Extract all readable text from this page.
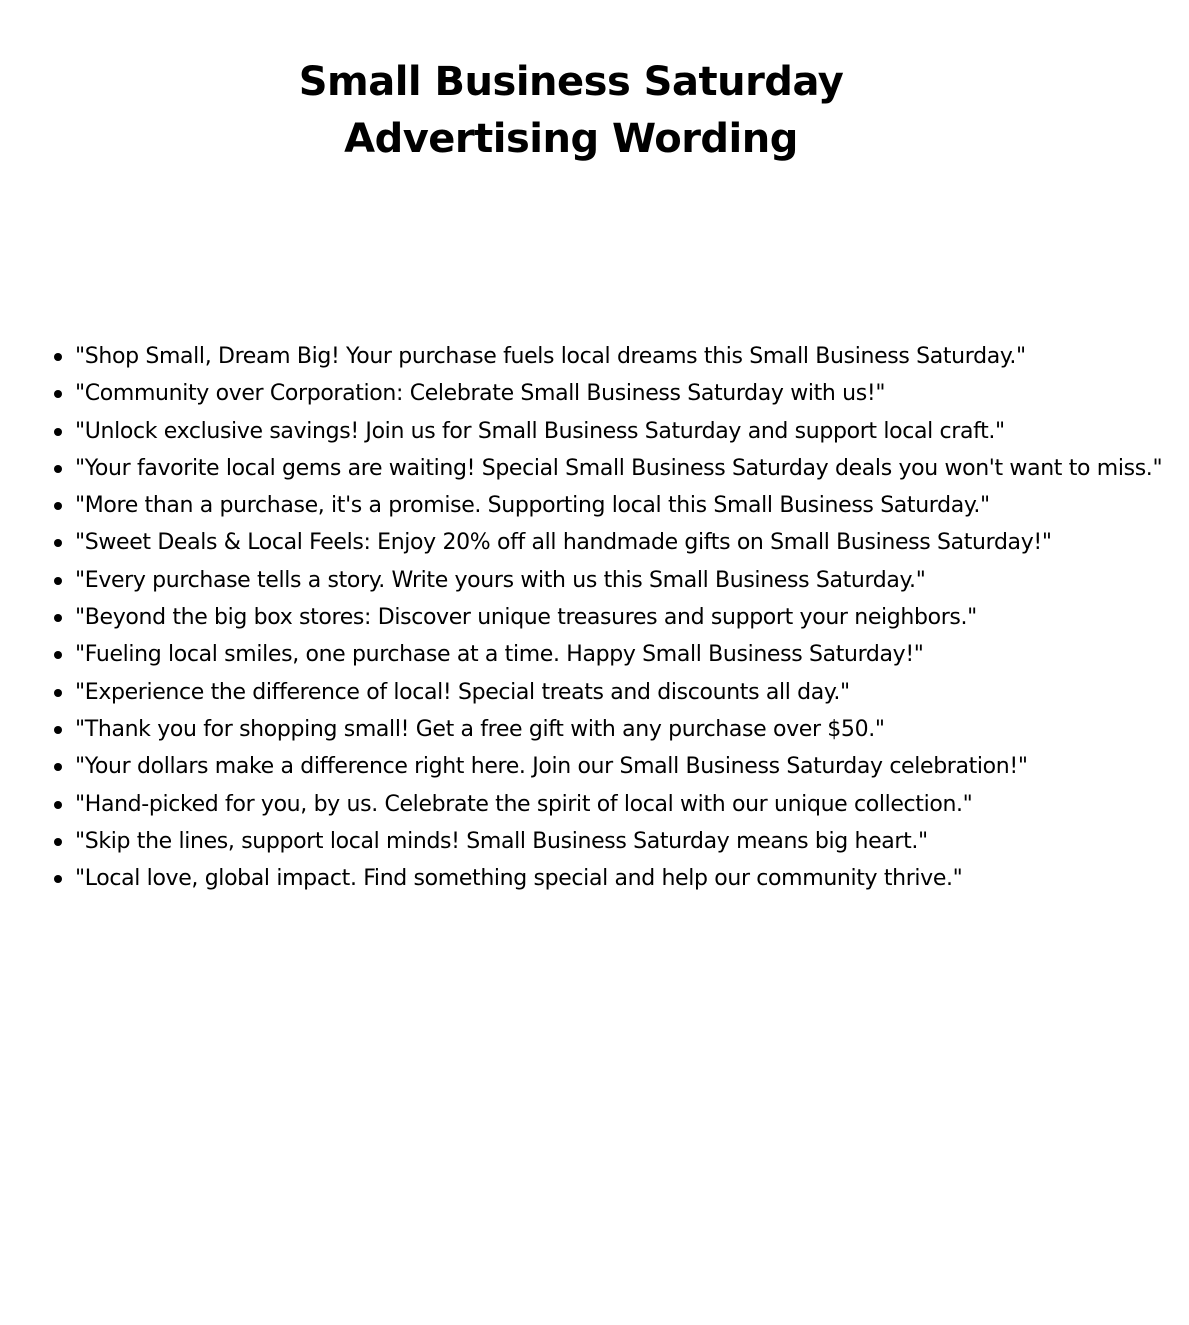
Small Business Saturday
Advertising Wording
"Shop Small, Dream Big! Your purchase fuels local dreams this Small Business Saturday."
"Community over Corporation: Celebrate Small Business Saturday with us!"
"Unlock exclusive savings! Join us for Small Business Saturday and support local craft."
"Your favorite local gems are waiting! Special Small Business Saturday deals you won't want to miss."
"More than a purchase, it's a promise. Supporting local this Small Business Saturday."
"Sweet Deals & Local Feels: Enjoy 20% off all handmade gifts on Small Business Saturday!"
"Every purchase tells a story. Write yours with us this Small Business Saturday."
"Beyond the big box stores: Discover unique treasures and support your neighbors."
"Fueling local smiles, one purchase at a time. Happy Small Business Saturday!"
"Experience the difference of local! Special treats and discounts all day."
"Thank you for shopping small! Get a free gift with any purchase over $50."
"Your dollars make a difference right here. Join our Small Business Saturday celebration!"
"Hand-picked for you, by us. Celebrate the spirit of local with our unique collection."
"Skip the lines, support local minds! Small Business Saturday means big heart."
"Local love, global impact. Find something special and help our community thrive."
